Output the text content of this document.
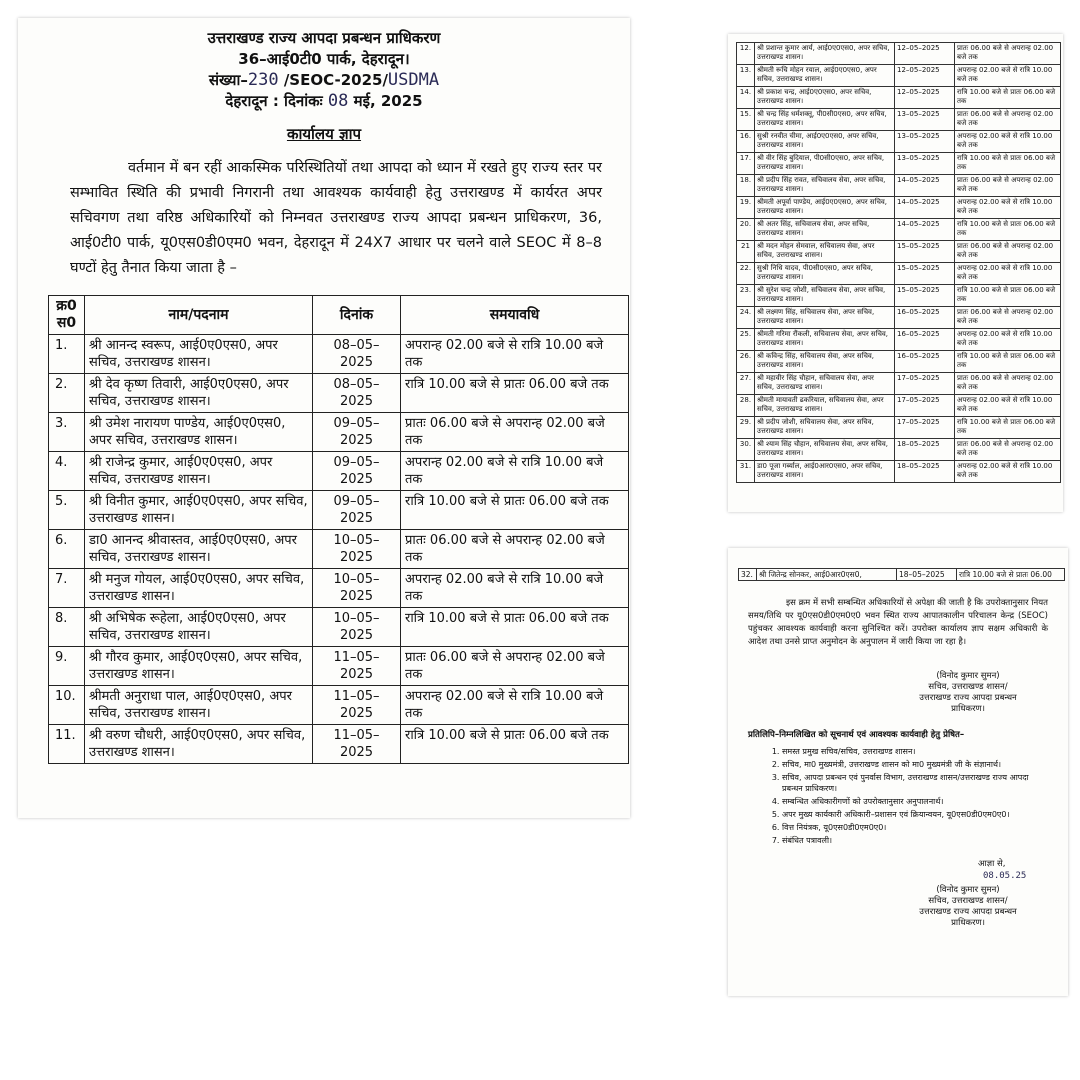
उत्तराखण्ड राज्य आपदा प्रबन्धन प्राधिकरण
36–आई0टी0 पार्क, देहरादून।
संख्या–230 /SEOC-2025/USDMA
देहरादून : दिनांकः 08 मई, 2025
कार्यालय ज्ञाप

वर्तमान में बन रहीं आकस्मिक परिस्थितियों तथा आपदा को ध्यान में रखते हुए राज्य स्तर पर सम्भावित स्थिति की प्रभावी निगरानी तथा आवश्यक कार्यवाही हेतु उत्तराखण्ड में कार्यरत अपर सचिवगण तथा वरिष्ठ अधिकारियों को निम्नवत उत्तराखण्ड राज्य आपदा प्रबन्धन प्राधिकरण, 36, आई0टी0 पार्क, यू0एस0डी0एम0 भवन, देहरादून में 24X7 आधार पर चलने वाले SEOC में 8–8 घण्टों हेतु तैनात किया जाता है –

क्र0 स0	नाम/पदनाम	दिनांक	समयावधि
1.	श्री आनन्द स्वरूप, आई0ए0एस0, अपर सचिव, उत्तराखण्ड शासन।	08–05–2025	अपरान्ह 02.00 बजे से रात्रि 10.00 बजे तक
2.	श्री देव कृष्ण तिवारी, आई0ए0एस0, अपर सचिव, उत्तराखण्ड शासन।	08–05–2025	रात्रि 10.00 बजे से प्रातः 06.00 बजे तक
3.	श्री उमेश नारायण पाण्डेय, आई0ए0एस0, अपर सचिव, उत्तराखण्ड शासन।	09–05–2025	प्रातः 06.00 बजे से अपरान्ह 02.00 बजे तक
4.	श्री राजेन्द्र कुमार, आई0ए0एस0, अपर सचिव, उत्तराखण्ड शासन।	09–05–2025	अपरान्ह 02.00 बजे से रात्रि 10.00 बजे तक
5.	श्री विनीत कुमार, आई0ए0एस0, अपर सचिव, उत्तराखण्ड शासन।	09–05–2025	रात्रि 10.00 बजे से प्रातः 06.00 बजे तक
6.	डा0 आनन्द श्रीवास्तव, आई0ए0एस0, अपर सचिव, उत्तराखण्ड शासन।	10–05–2025	प्रातः 06.00 बजे से अपरान्ह 02.00 बजे तक
7.	श्री मनुज गोयल, आई0ए0एस0, अपर सचिव, उत्तराखण्ड शासन।	10–05–2025	अपरान्ह 02.00 बजे से रात्रि 10.00 बजे तक
8.	श्री अभिषेक रूहेला, आई0ए0एस0, अपर सचिव, उत्तराखण्ड शासन।	10–05–2025	रात्रि 10.00 बजे से प्रातः 06.00 बजे तक
9.	श्री गौरव कुमार, आई0ए0एस0, अपर सचिव, उत्तराखण्ड शासन।	11–05–2025	प्रातः 06.00 बजे से अपरान्ह 02.00 बजे तक
10.	श्रीमती अनुराधा पाल, आई0ए0एस0, अपर सचिव, उत्तराखण्ड शासन।	11–05–2025	अपरान्ह 02.00 बजे से रात्रि 10.00 बजे तक
11.	श्री वरुण चौधरी, आई0ए0एस0, अपर सचिव, उत्तराखण्ड शासन।	11–05–2025	रात्रि 10.00 बजे से प्रातः 06.00 बजे तक
12.	श्री प्रशान्त कुमार आर्य, आई0ए0एस0, अपर सचिव, उत्तराखण्ड शासन।	12–05–2025	प्रातः 06.00 बजे से अपरान्ह 02.00 बजे तक
13.	श्रीमती रूचि मोहन रयाल, आई0ए0एस0, अपर सचिव, उत्तराखण्ड शासन।	12–05–2025	अपरान्ह 02.00 बजे से रात्रि 10.00 बजे तक
14.	श्री प्रकाश चन्द्र, आई0ए0एस0, अपर सचिव, उत्तराखण्ड शासन।	12–05–2025	रात्रि 10.00 बजे से प्रातः 06.00 बजे तक
15.	श्री चन्द्र सिंह धर्मशक्तू, पी0सी0एस0, अपर सचिव, उत्तराखण्ड शासन।	13–05–2025	प्रातः 06.00 बजे से अपरान्ह 02.00 बजे तक
16.	सुश्री रनवीत चीमा, आई0ए0एस0, अपर सचिव, उत्तराखण्ड शासन।	13–05–2025	अपरान्ह 02.00 बजे से रात्रि 10.00 बजे तक
17.	श्री वीर सिंह बुदियाल, पी0सी0एस0, अपर सचिव, उत्तराखण्ड शासन।	13–05–2025	रात्रि 10.00 बजे से प्रातः 06.00 बजे तक
18.	श्री प्रदीप सिंह रावत, सचिवालय सेवा, अपर सचिव, उत्तराखण्ड शासन।	14–05–2025	प्रातः 06.00 बजे से अपरान्ह 02.00 बजे तक
19.	श्रीमती अपूर्वा पाण्डेय, आई0ए0एस0, अपर सचिव, उत्तराखण्ड शासन।	14–05–2025	अपरान्ह 02.00 बजे से रात्रि 10.00 बजे तक
20.	श्री अतर सिंह, सचिवालय सेवा, अपर सचिव, उत्तराखण्ड शासन।	14–05–2025	रात्रि 10.00 बजे से प्रातः 06.00 बजे तक
21	श्री मदन मोहन सेमवाल, सचिवालय सेवा, अपर सचिव, उत्तराखण्ड शासन।	15–05–2025	प्रातः 06.00 बजे से अपरान्ह 02.00 बजे तक
22.	सुश्री निधि यादव, पी0सी0एस0, अपर सचिव, उत्तराखण्ड शासन।	15–05–2025	अपरान्ह 02.00 बजे से रात्रि 10.00 बजे तक
23.	श्री सुरेश चन्द्र जोशी, सचिवालय सेवा, अपर सचिव, उत्तराखण्ड शासन।	15–05–2025	रात्रि 10.00 बजे से प्रातः 06.00 बजे तक
24.	श्री लक्ष्मण सिंह, सचिवालय सेवा, अपर सचिव, उत्तराखण्ड शासन।	16–05–2025	प्रातः 06.00 बजे से अपरान्ह 02.00 बजे तक
25.	श्रीमती गरिमा रौंकली, सचिवालय सेवा, अपर सचिव, उत्तराखण्ड शासन।	16–05–2025	अपरान्ह 02.00 बजे से रात्रि 10.00 बजे तक
26.	श्री कविन्द्र सिंह, सचिवालय सेवा, अपर सचिव, उत्तराखण्ड शासन।	16–05–2025	रात्रि 10.00 बजे से प्रातः 06.00 बजे तक
27.	श्री महावीर सिंह चौहान, सचिवालय सेवा, अपर सचिव, उत्तराखण्ड शासन।	17–05–2025	प्रातः 06.00 बजे से अपरान्ह 02.00 बजे तक
28.	श्रीमती मायावती ढकरियाल, सचिवालय सेवा, अपर सचिव, उत्तराखण्ड शासन।	17–05–2025	अपरान्ह 02.00 बजे से रात्रि 10.00 बजे तक
29.	श्री प्रदीप जोशी, सचिवालय सेवा, अपर सचिव, उत्तराखण्ड शासन।	17–05–2025	रात्रि 10.00 बजे से प्रातः 06.00 बजे तक
30.	श्री श्याम सिंह चौहान, सचिवालय सेवा, अपर सचिव, उत्तराखण्ड शासन।	18–05–2025	प्रातः 06.00 बजे से अपरान्ह 02.00 बजे तक
31.	डा0 पूजा गर्ब्याल, आई0आर0एस0, अपर सचिव, उत्तराखण्ड शासन।	18–05–2025	अपरान्ह 02.00 बजे से रात्रि 10.00 बजे तक
32.	श्री जितेन्द्र सोनकर, आई0आर0एस0,	18–05–2025	रात्रि 10.00 बजे से प्रातः 06.00

इस क्रम में सभी सम्बन्धित अधिकारियों से अपेक्षा की जाती है कि उपरोक्तानुसार नियत समय/तिथि पर यू0एस0डी0एम0ए0 भवन स्थित राज्य आपातकालीन परिचालन केन्द्र (SEOC) पहुंचकर आवश्यक कार्यवाही करना सुनिश्चित करें। उपरोक्त कार्यालय ज्ञाप सक्षम अधिकारी के आदेश तथा उनसे प्राप्त अनुमोदन के अनुपालन में जारी किया जा रहा है।

(विनोद कुमार सुमन)
सचिव, उत्तराखण्ड शासन/
उत्तराखण्ड राज्य आपदा प्रबन्धन
प्राधिकरण।
प्रतिलिपि–निम्नलिखित को सूचनार्थ एवं आवश्यक कार्यवाही हेतु प्रेषित–
1. समस्त प्रमुख सचिव/सचिव, उत्तराखण्ड शासन।
2. सचिव, मा0 मुख्यमंत्री, उत्तराखण्ड शासन को मा0 मुख्यमंत्री जी के संज्ञानार्थ।
3. सचिव, आपदा प्रबन्धन एवं पुनर्वास विभाग, उत्तराखण्ड शासन/उत्तराखण्ड राज्य आपदा प्रबन्धन प्राधिकरण।
4. सम्बन्धित अधिकारीगणों को उपरोक्तानुसार अनुपालनार्थ।
5. अपर मुख्य कार्यकारी अधिकारी–प्रशासन एवं क्रियान्वयन, यू0एस0डी0एम0ए0।
6. वित्त नियंत्रक, यू0एस0डी0एम0ए0।
7. संबंधित पत्रावली।
आज्ञा से,
08.05.25
(विनोद कुमार सुमन)
सचिव, उत्तराखण्ड शासन/
उत्तराखण्ड राज्य आपदा प्रबन्धन
प्राधिकरण।
